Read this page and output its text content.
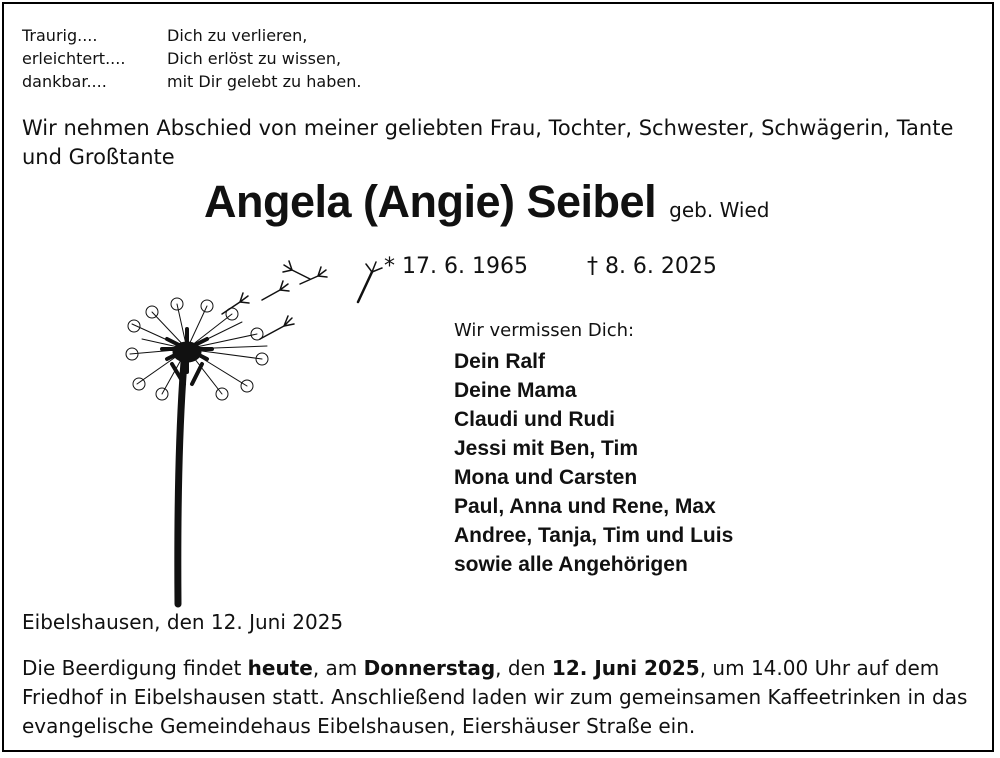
Traurig....
erleichtert....
dankbar....
Dich zu verlieren,
Dich erlöst zu wissen,
mit Dir gelebt zu haben.
Wir nehmen Abschied von meiner geliebten Frau, Tochter, Schwester, Schwägerin, Tante und Großtante
Angela (Angie) Seibel geb. Wied
* 17. 6. 1965	† 8. 6. 2025
Wir vermissen Dich:
Dein Ralf
Deine Mama
Claudi und Rudi
Jessi mit Ben, Tim
Mona und Carsten
Paul, Anna und Rene, Max
Andree, Tanja, Tim und Luis
sowie alle Angehörigen
Eibelshausen, den 12. Juni 2025
Die Beerdigung findet heute, am Donnerstag, den 12. Juni 2025, um 14.00 Uhr auf dem Friedhof in Eibelshausen statt. Anschließend laden wir zum gemeinsamen Kaffeetrinken in das evangelische Gemeindehaus Eibelshausen, Eiershäuser Straße ein.
